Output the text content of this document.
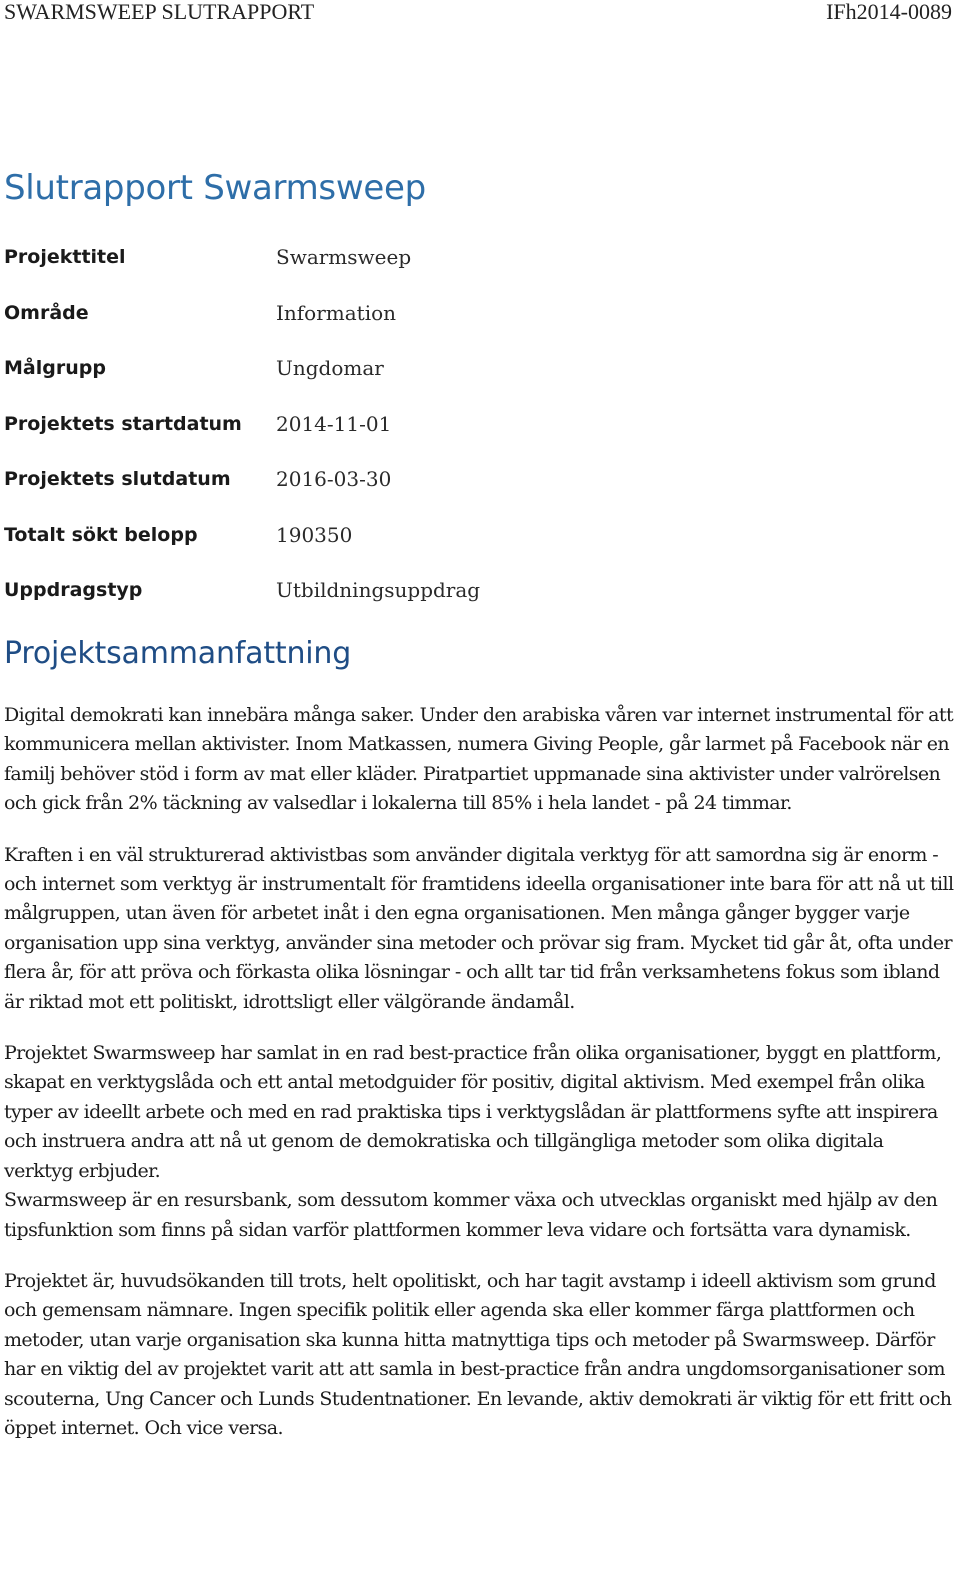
SWARMSWEEP SLUTRAPPORT	IFh2014-0089
Slutrapport Swarmsweep
Projekttitel	Swarmsweep
Område	Information
Målgrupp	Ungdomar
Projektets startdatum 2014-11-01
Projektets slutdatum 2016-03-30
Totalt sökt belopp	190350
Uppdragstyp	Utbildningsuppdrag
Projektsammanfattning

Digital demokrati kan innebära många saker. Under den arabiska våren var internet instrumental för att kommunicera mellan aktivister. Inom Matkassen, numera Giving People, går larmet på Facebook när en familj behöver stöd i form av mat eller kläder. Piratpartiet uppmanade sina aktivister under valrörelsen och gick från 2% täckning av valsedlar i lokalerna till 85% i hela landet - på 24 timmar.

Kraften i en väl strukturerad aktivistbas som använder digitala verktyg för att samordna sig är enorm - och internet som verktyg är instrumentalt för framtidens ideella organisationer inte bara för att nå ut till målgruppen, utan även för arbetet inåt i den egna organisationen. Men många gånger bygger varje organisation upp sina verktyg, använder sina metoder och prövar sig fram. Mycket tid går åt, ofta under flera år, för att pröva och förkasta olika lösningar - och allt tar tid från verksamhetens fokus som ibland är riktad mot ett politiskt, idrottsligt eller välgörande ändamål.

Projektet Swarmsweep har samlat in en rad best-practice från olika organisationer, byggt en plattform, skapat en verktygslåda och ett antal metodguider för positiv, digital aktivism. Med exempel från olika typer av ideellt arbete och med en rad praktiska tips i verktygslådan är plattformens syfte att inspirera och instruera andra att nå ut genom de demokratiska och tillgängliga metoder som olika digitala verktyg erbjuder.

Swarmsweep är en resursbank, som dessutom kommer växa och utvecklas organiskt med hjälp av den tipsfunktion som finns på sidan varför plattformen kommer leva vidare och fortsätta vara dynamisk.

Projektet är, huvudsökanden till trots, helt opolitiskt, och har tagit avstamp i ideell aktivism som grund och gemensam nämnare. Ingen specifik politik eller agenda ska eller kommer färga plattformen och metoder, utan varje organisation ska kunna hitta matnyttiga tips och metoder på Swarmsweep. Därför har en viktig del av projektet varit att att samla in best-practice från andra ungdomsorganisationer som scouterna, Ung Cancer och Lunds Studentnationer. En levande, aktiv demokrati är viktig för ett fritt och öppet internet. Och vice versa.
